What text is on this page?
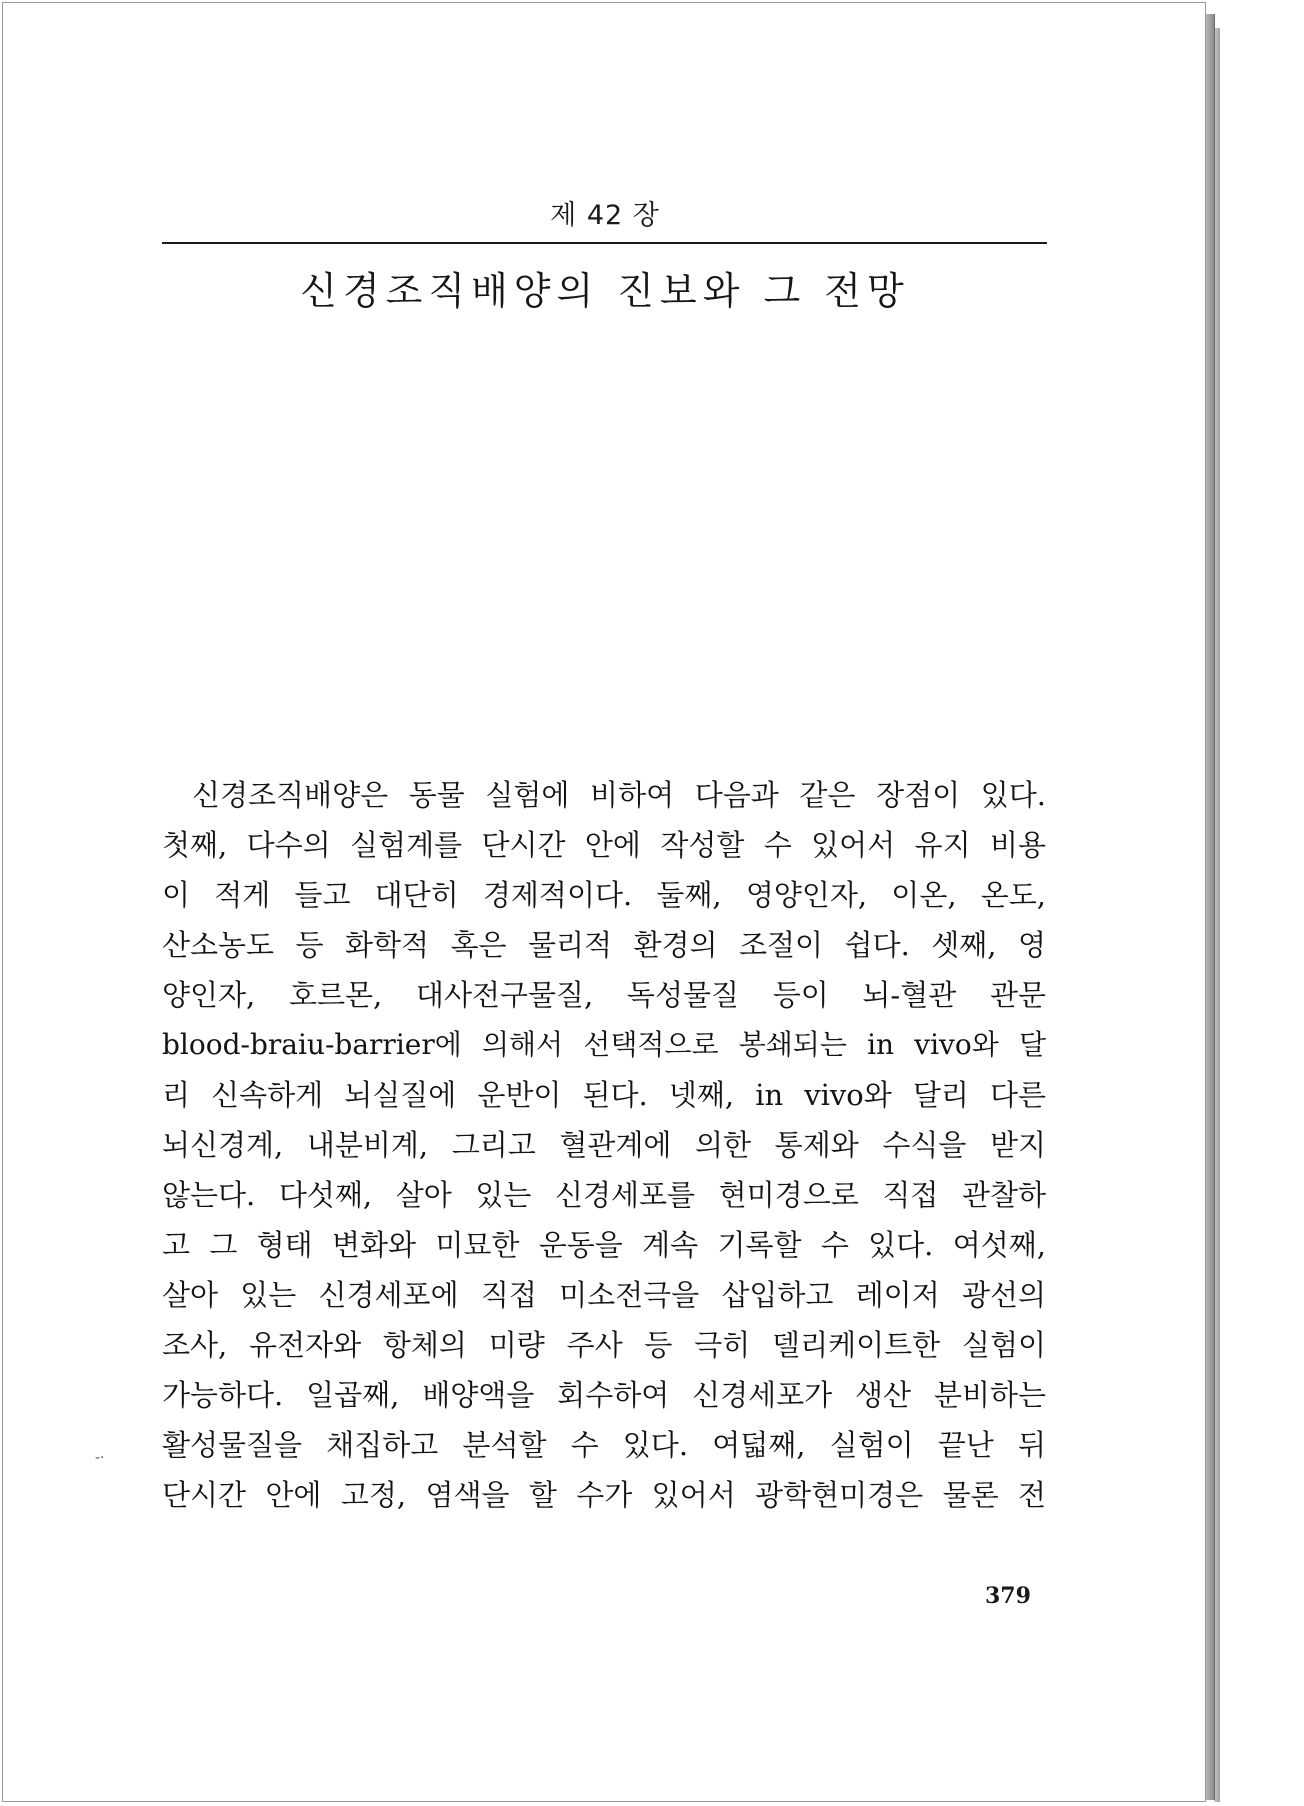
제 42 장
신경조직배양의 진보와 그 전망
신경조직배양은 동물 실험에 비하여 다음과 같은 장점이 있다.
첫째, 다수의 실험계를 단시간 안에 작성할 수 있어서 유지 비용
이 적게 들고 대단히 경제적이다. 둘째, 영양인자, 이온, 온도,
산소농도 등 화학적 혹은 물리적 환경의 조절이 쉽다. 셋째, 영
양인자, 호르몬, 대사전구물질, 독성물질 등이 뇌-혈관 관문
blood-braiu-barrier에 의해서 선택적으로 봉쇄되는 in vivo와 달
리 신속하게 뇌실질에 운반이 된다. 넷째, in vivo와 달리 다른
뇌신경계, 내분비계, 그리고 혈관계에 의한 통제와 수식을 받지
않는다. 다섯째, 살아 있는 신경세포를 현미경으로 직접 관찰하
고 그 형태 변화와 미묘한 운동을 계속 기록할 수 있다. 여섯째,
살아 있는 신경세포에 직접 미소전극을 삽입하고 레이저 광선의
조사, 유전자와 항체의 미량 주사 등 극히 델리케이트한 실험이
가능하다. 일곱째, 배양액을 회수하여 신경세포가 생산 분비하는
활성물질을 채집하고 분석할 수 있다. 여덟째, 실험이 끝난 뒤
단시간 안에 고정, 염색을 할 수가 있어서 광학현미경은 물론 전
-·
379
